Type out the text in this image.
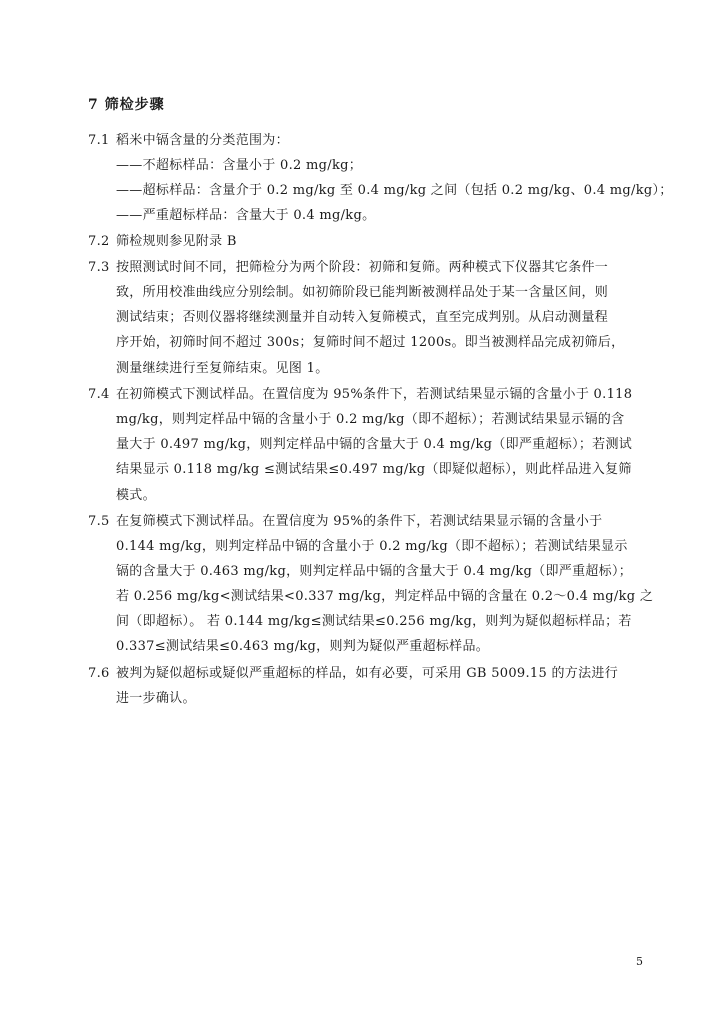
7 筛检步骤
7.1 稻米中镉含量的分类范围为：
——不超标样品：含量小于 0.2 mg/kg；
——超标样品：含量介于 0.2 mg/kg 至 0.4 mg/kg 之间（包括 0.2 mg/kg、0.4 mg/kg）；
——严重超标样品：含量大于 0.4 mg/kg。
7.2 筛检规则参见附录 B
7.3 按照测试时间不同，把筛检分为两个阶段：初筛和复筛。两种模式下仪器其它条件一
致，所用校准曲线应分别绘制。如初筛阶段已能判断被测样品处于某一含量区间，则
测试结束；否则仪器将继续测量并自动转入复筛模式，直至完成判别。从启动测量程
序开始，初筛时间不超过 300s；复筛时间不超过 1200s。即当被测样品完成初筛后，
测量继续进行至复筛结束。见图 1。
7.4 在初筛模式下测试样品。在置信度为 95%条件下，若测试结果显示镉的含量小于 0.118
mg/kg，则判定样品中镉的含量小于 0.2 mg/kg（即不超标）；若测试结果显示镉的含
量大于 0.497 mg/kg，则判定样品中镉的含量大于 0.4 mg/kg（即严重超标）；若测试
结果显示 0.118 mg/kg ≤测试结果≤0.497 mg/kg（即疑似超标），则此样品进入复筛
模式。
7.5 在复筛模式下测试样品。在置信度为 95%的条件下，若测试结果显示镉的含量小于
0.144 mg/kg，则判定样品中镉的含量小于 0.2 mg/kg（即不超标）；若测试结果显示
镉的含量大于 0.463 mg/kg，则判定样品中镉的含量大于 0.4 mg/kg（即严重超标）；
若 0.256 mg/kg<测试结果<0.337 mg/kg，判定样品中镉的含量在 0.2～0.4 mg/kg 之
间（即超标）。 若 0.144 mg/kg≤测试结果≤0.256 mg/kg，则判为疑似超标样品；若
0.337≤测试结果≤0.463 mg/kg，则判为疑似严重超标样品。
7.6 被判为疑似超标或疑似严重超标的样品，如有必要，可采用 GB 5009.15 的方法进行
进一步确认。
5
